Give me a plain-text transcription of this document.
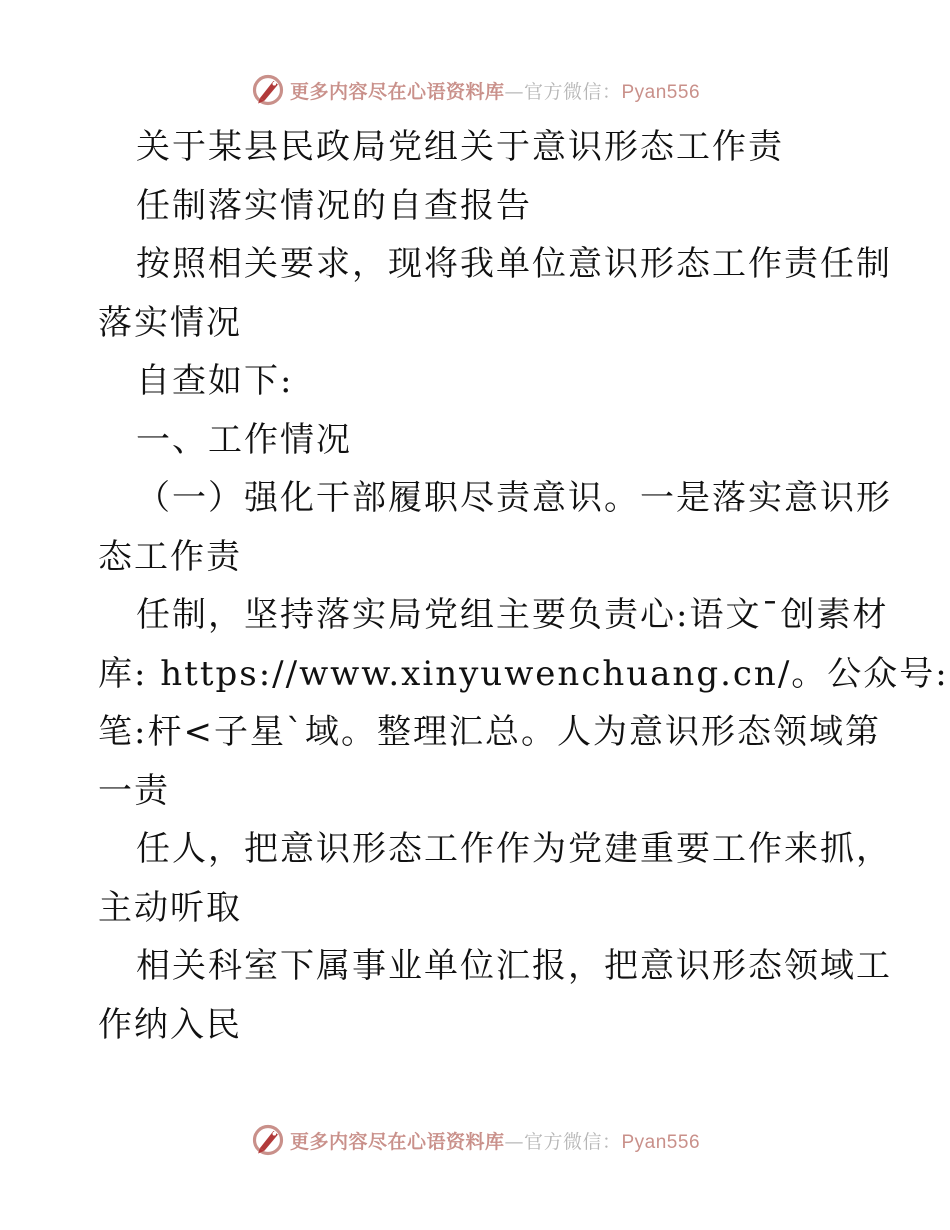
更多内容尽在心语资料库—官方微信：Pyan556
关于某县民政局党组关于意识形态工作责
任制落实情况的自查报告
按照相关要求，现将我单位意识形态工作责任制
落实情况
自查如下:
一、工作情况
（一）强化干部履职尽责意识。一是落实意识形
态工作责
任制，坚持落实局党组主要负责心:语文¯创素材
库: https://www.xinyuwenchuang.cn/。公众号:
笔:杆<子星`域。整理汇总。人为意识形态领域第
一责
任人，把意识形态工作作为党建重要工作来抓，
主动听取
相关科室下属事业单位汇报，把意识形态领域工
作纳入民
更多内容尽在心语资料库—官方微信：Pyan556
